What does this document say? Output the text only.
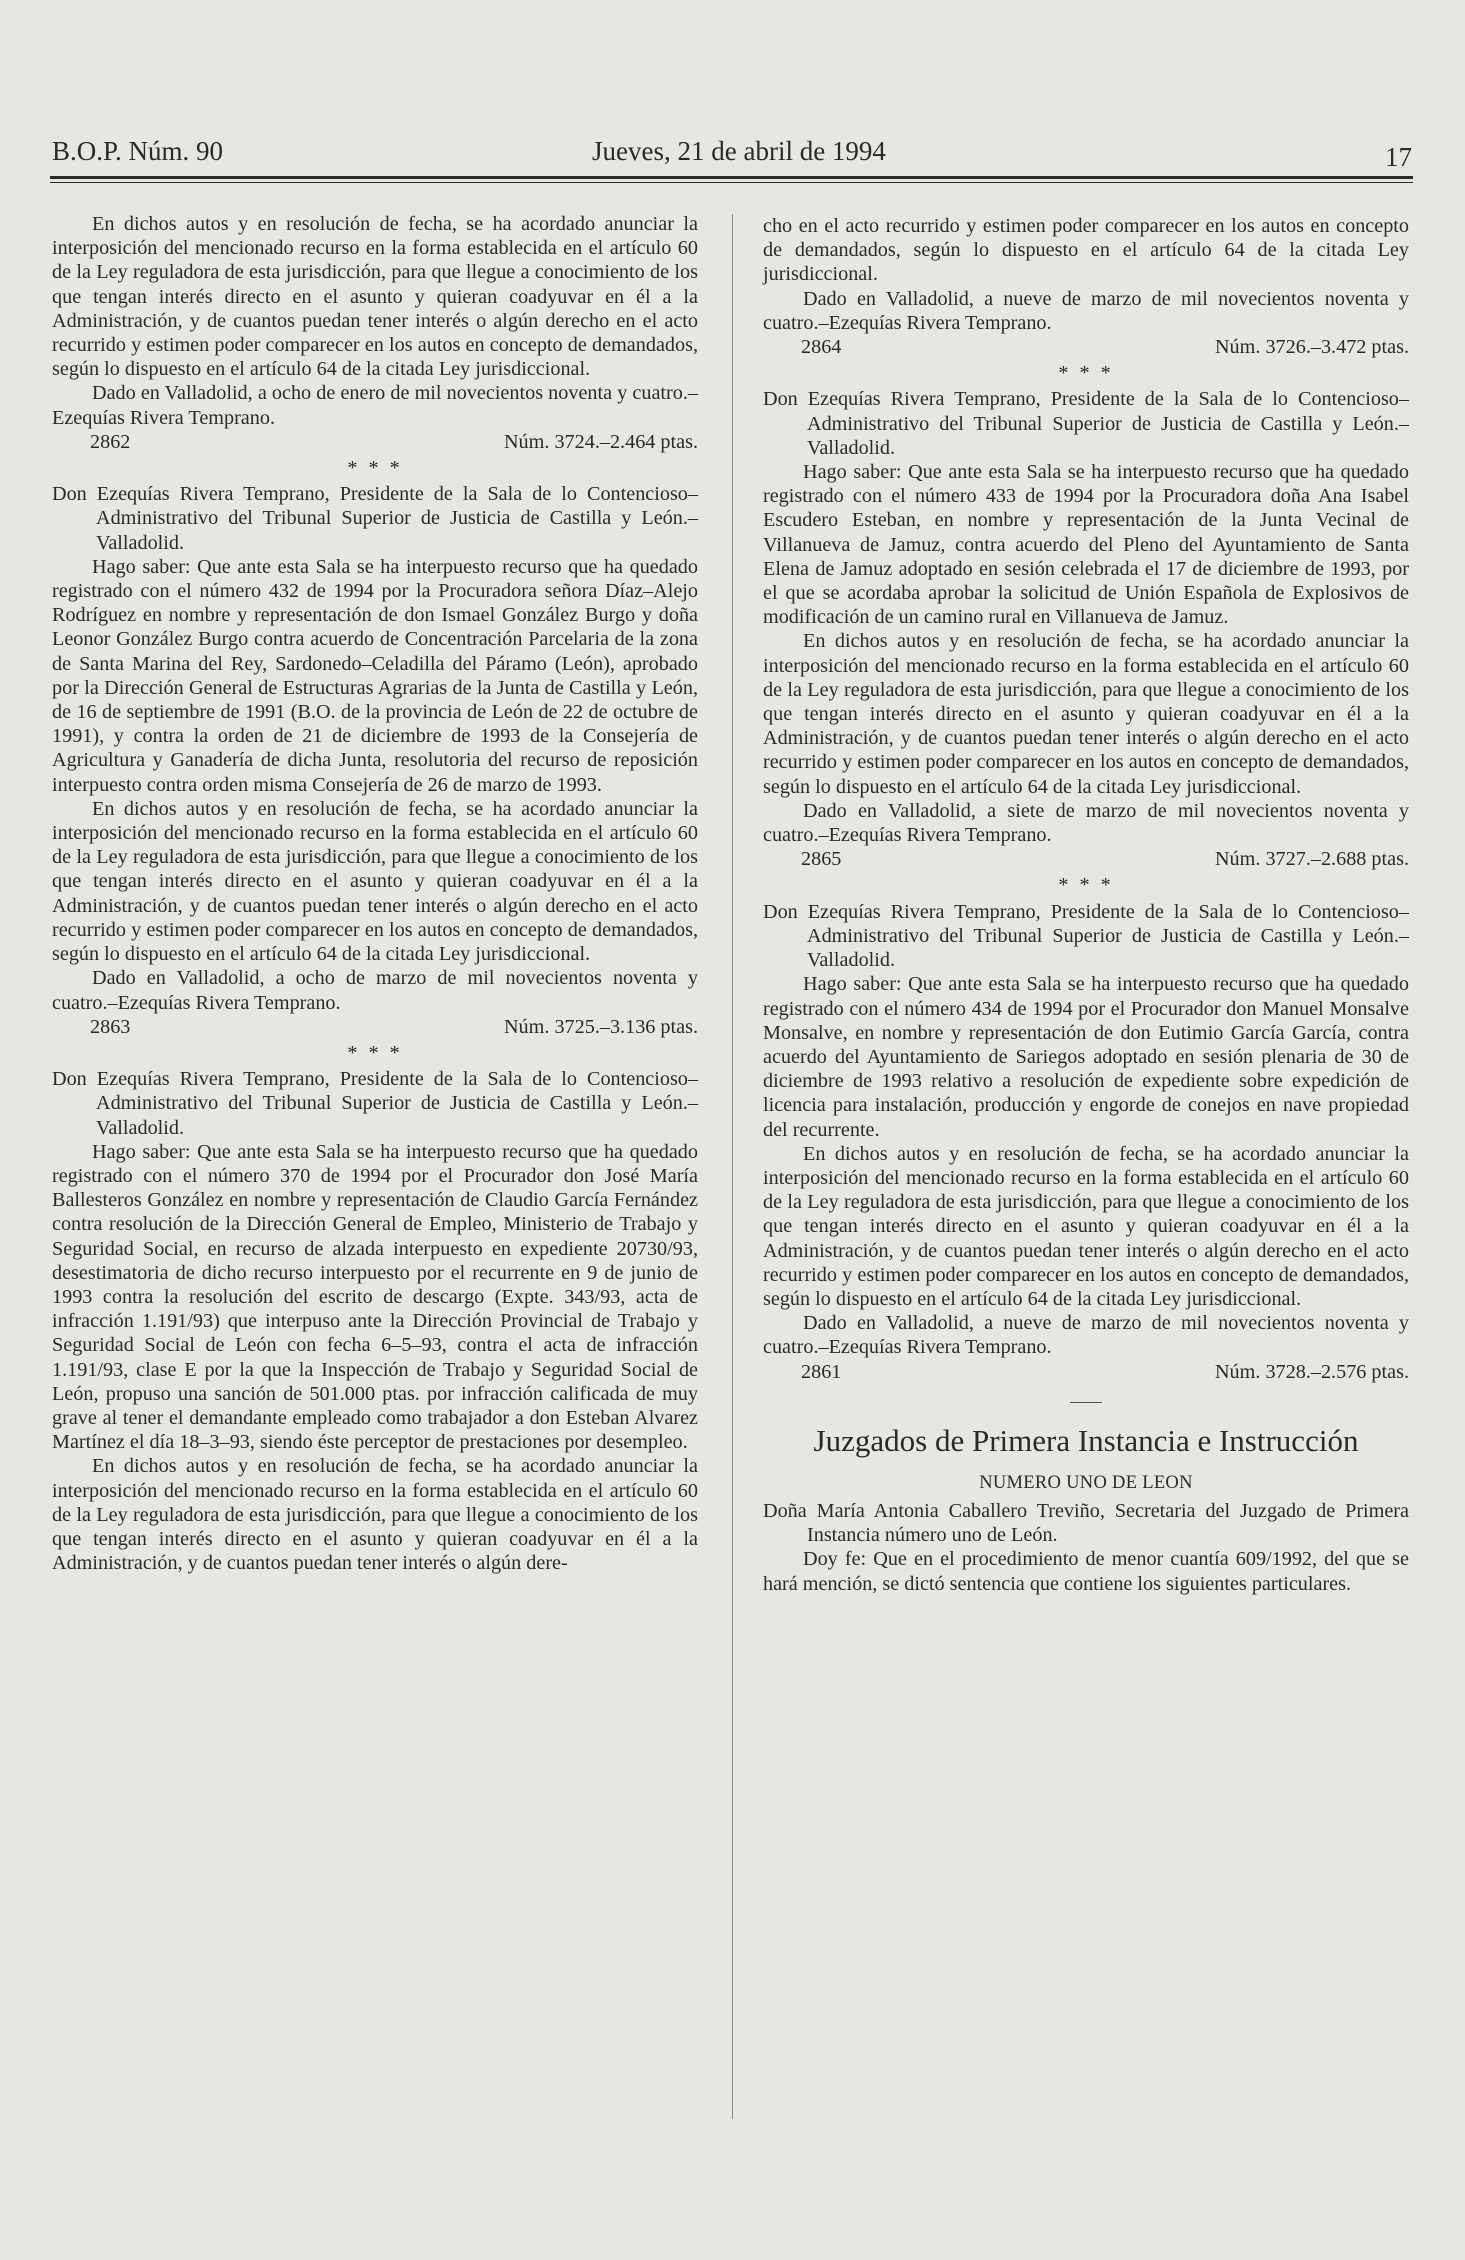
B.O.P. Núm. 90	Jueves, 21 de abril de 1994	17

En dichos autos y en resolución de fecha, se ha acordado anunciar la interposición del mencionado recurso en la forma establecida en el artículo 60 de la Ley reguladora de esta jurisdicción, para que llegue a conocimiento de los que tengan interés directo en el asunto y quieran coadyuvar en él a la Administración, y de cuantos puedan tener interés o algún derecho en el acto recurrido y estimen poder comparecer en los autos en concepto de demandados, según lo dispuesto en el artículo 64 de la citada Ley jurisdiccional.

Dado en Valladolid, a ocho de enero de mil novecientos noventa y cuatro.–Ezequías Rivera Temprano.

2862	Núm. 3724.–2.464 ptas.
* * *

Don Ezequías Rivera Temprano, Presidente de la Sala de lo Contencioso–Administrativo del Tribunal Superior de Justicia de Castilla y León.–Valladolid.

Hago saber: Que ante esta Sala se ha interpuesto recurso que ha quedado registrado con el número 432 de 1994 por la Procuradora señora Díaz–Alejo Rodríguez en nombre y representación de don Ismael González Burgo y doña Leonor González Burgo contra acuerdo de Concentración Parcelaria de la zona de Santa Marina del Rey, Sardonedo–Celadilla del Páramo (León), aprobado por la Dirección General de Estructuras Agrarias de la Junta de Castilla y León, de 16 de septiembre de 1991 (B.O. de la provincia de León de 22 de octubre de 1991), y contra la orden de 21 de diciembre de 1993 de la Consejería de Agricultura y Ganadería de dicha Junta, resolutoria del recurso de reposición interpuesto contra orden misma Consejería de 26 de marzo de 1993.

En dichos autos y en resolución de fecha, se ha acordado anunciar la interposición del mencionado recurso en la forma establecida en el artículo 60 de la Ley reguladora de esta jurisdicción, para que llegue a conocimiento de los que tengan interés directo en el asunto y quieran coadyuvar en él a la Administración, y de cuantos puedan tener interés o algún derecho en el acto recurrido y estimen poder comparecer en los autos en concepto de demandados, según lo dispuesto en el artículo 64 de la citada Ley jurisdiccional.

Dado en Valladolid, a ocho de marzo de mil novecientos noventa y cuatro.–Ezequías Rivera Temprano.

2863	Núm. 3725.–3.136 ptas.
* * *

Don Ezequías Rivera Temprano, Presidente de la Sala de lo Contencioso–Administrativo del Tribunal Superior de Justicia de Castilla y León.–Valladolid.

Hago saber: Que ante esta Sala se ha interpuesto recurso que ha quedado registrado con el número 370 de 1994 por el Procurador don José María Ballesteros González en nombre y representación de Claudio García Fernández contra resolución de la Dirección General de Empleo, Ministerio de Trabajo y Seguridad Social, en recurso de alzada interpuesto en expediente 20730/93, desestimatoria de dicho recurso interpuesto por el recurrente en 9 de junio de 1993 contra la resolución del escrito de descargo (Expte. 343/93, acta de infracción 1.191/93) que interpuso ante la Dirección Provincial de Trabajo y Seguridad Social de León con fecha 6–5–93, contra el acta de infracción 1.191/93, clase E por la que la Inspección de Trabajo y Seguridad Social de León, propuso una sanción de 501.000 ptas. por infracción calificada de muy grave al tener el demandante empleado como trabajador a don Esteban Alvarez Martínez el día 18–3–93, siendo éste perceptor de prestaciones por desempleo.

En dichos autos y en resolución de fecha, se ha acordado anunciar la interposición del mencionado recurso en la forma establecida en el artículo 60 de la Ley reguladora de esta jurisdicción, para que llegue a conocimiento de los que tengan interés directo en el asunto y quieran coadyuvar en él a la Administración, y de cuantos puedan tener interés o algún dere-

cho en el acto recurrido y estimen poder comparecer en los autos en concepto de demandados, según lo dispuesto en el artículo 64 de la citada Ley jurisdiccional.

Dado en Valladolid, a nueve de marzo de mil novecientos noventa y cuatro.–Ezequías Rivera Temprano.

2864	Núm. 3726.–3.472 ptas.
* * *

Don Ezequías Rivera Temprano, Presidente de la Sala de lo Contencioso–Administrativo del Tribunal Superior de Justicia de Castilla y León.–Valladolid.

Hago saber: Que ante esta Sala se ha interpuesto recurso que ha quedado registrado con el número 433 de 1994 por la Procuradora doña Ana Isabel Escudero Esteban, en nombre y representación de la Junta Vecinal de Villanueva de Jamuz, contra acuerdo del Pleno del Ayuntamiento de Santa Elena de Jamuz adoptado en sesión celebrada el 17 de diciembre de 1993, por el que se acordaba aprobar la solicitud de Unión Española de Explosivos de modificación de un camino rural en Villanueva de Jamuz.

En dichos autos y en resolución de fecha, se ha acordado anunciar la interposición del mencionado recurso en la forma establecida en el artículo 60 de la Ley reguladora de esta jurisdicción, para que llegue a conocimiento de los que tengan interés directo en el asunto y quieran coadyuvar en él a la Administración, y de cuantos puedan tener interés o algún derecho en el acto recurrido y estimen poder comparecer en los autos en concepto de demandados, según lo dispuesto en el artículo 64 de la citada Ley jurisdiccional.

Dado en Valladolid, a siete de marzo de mil novecientos noventa y cuatro.–Ezequías Rivera Temprano.

2865	Núm. 3727.–2.688 ptas.
* * *

Don Ezequías Rivera Temprano, Presidente de la Sala de lo Contencioso–Administrativo del Tribunal Superior de Justicia de Castilla y León.–Valladolid.

Hago saber: Que ante esta Sala se ha interpuesto recurso que ha quedado registrado con el número 434 de 1994 por el Procurador don Manuel Monsalve Monsalve, en nombre y representación de don Eutimio García García, contra acuerdo del Ayuntamiento de Sariegos adoptado en sesión plenaria de 30 de diciembre de 1993 relativo a resolución de expediente sobre expedición de licencia para instalación, producción y engorde de conejos en nave propiedad del recurrente.

En dichos autos y en resolución de fecha, se ha acordado anunciar la interposición del mencionado recurso en la forma establecida en el artículo 60 de la Ley reguladora de esta jurisdicción, para que llegue a conocimiento de los que tengan interés directo en el asunto y quieran coadyuvar en él a la Administración, y de cuantos puedan tener interés o algún derecho en el acto recurrido y estimen poder comparecer en los autos en concepto de demandados, según lo dispuesto en el artículo 64 de la citada Ley jurisdiccional.

Dado en Valladolid, a nueve de marzo de mil novecientos noventa y cuatro.–Ezequías Rivera Temprano.

2861	Núm. 3728.–2.576 ptas.
Juzgados de Primera Instancia e Instrucción
NUMERO UNO DE LEON

Doña María Antonia Caballero Treviño, Secretaria del Juzgado de Primera Instancia número uno de León.

Doy fe: Que en el procedimiento de menor cuantía 609/1992, del que se hará mención, se dictó sentencia que contiene los siguientes particulares.
